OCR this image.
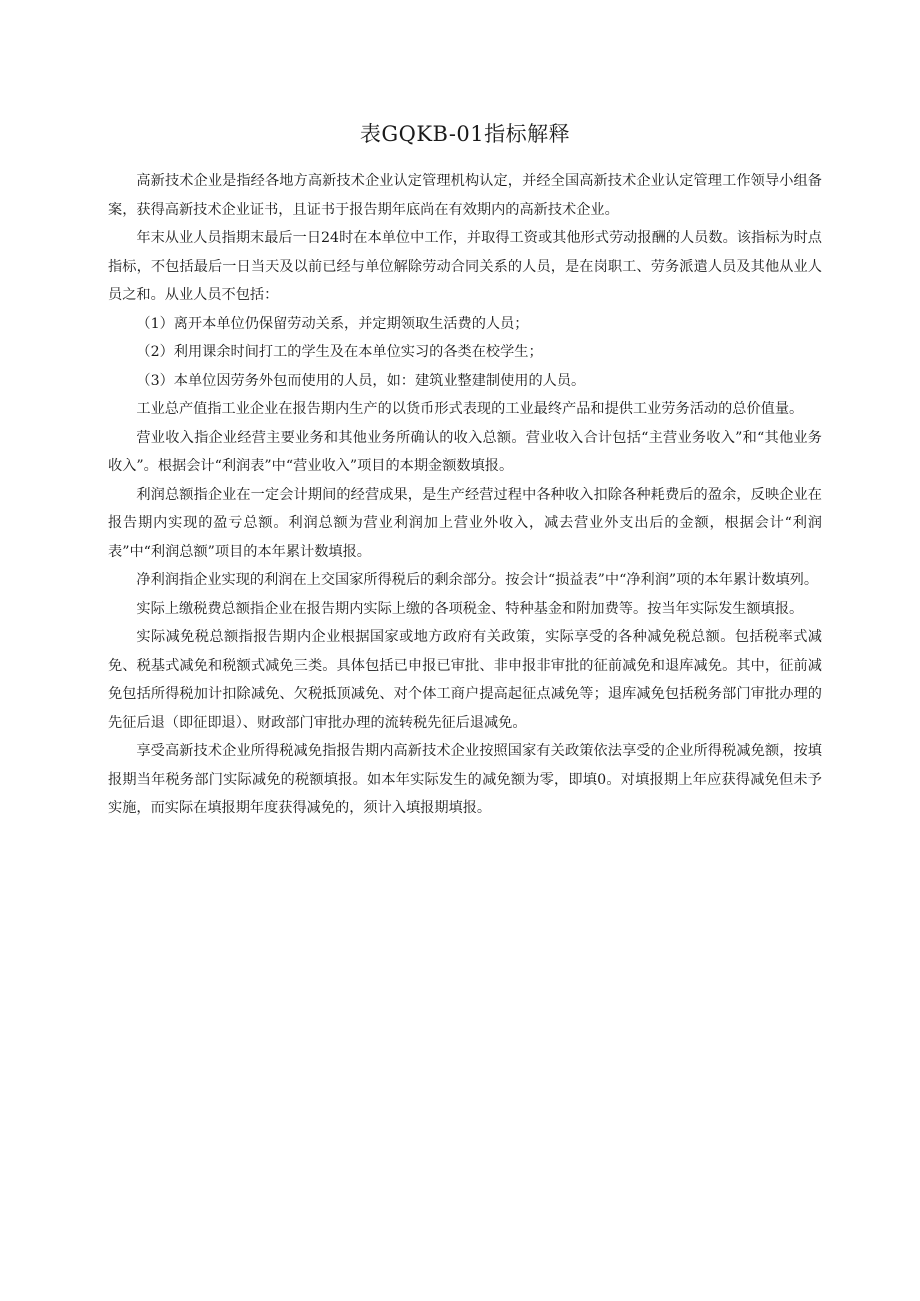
表GQKB-01指标解释

高新技术企业是指经各地方高新技术企业认定管理机构认定，并经全国高新技术企业认定管理工作领导小组备案，获得高新技术企业证书，且证书于报告期年底尚在有效期内的高新技术企业。

年末从业人员指期末最后一日24时在本单位中工作，并取得工资或其他形式劳动报酬的人员数。该指标为时点指标，不包括最后一日当天及以前已经与单位解除劳动合同关系的人员，是在岗职工、劳务派遣人员及其他从业人员之和。从业人员不包括：

（1）离开本单位仍保留劳动关系，并定期领取生活费的人员；

（2）利用课余时间打工的学生及在本单位实习的各类在校学生；

（3）本单位因劳务外包而使用的人员，如：建筑业整建制使用的人员。

工业总产值指工业企业在报告期内生产的以货币形式表现的工业最终产品和提供工业劳务活动的总价值量。

营业收入指企业经营主要业务和其他业务所确认的收入总额。营业收入合计包括“主营业务收入”和“其他业务收入”。根据会计“利润表”中“营业收入”项目的本期金额数填报。

利润总额指企业在一定会计期间的经营成果，是生产经营过程中各种收入扣除各种耗费后的盈余，反映企业在报告期内实现的盈亏总额。利润总额为营业利润加上营业外收入，减去营业外支出后的金额，根据会计“利润表”中“利润总额”项目的本年累计数填报。

净利润指企业实现的利润在上交国家所得税后的剩余部分。按会计“损益表”中“净利润”项的本年累计数填列。

实际上缴税费总额指企业在报告期内实际上缴的各项税金、特种基金和附加费等。按当年实际发生额填报。

实际减免税总额指报告期内企业根据国家或地方政府有关政策，实际享受的各种减免税总额。包括税率式减免、税基式减免和税额式减免三类。具体包括已申报已审批、非申报非审批的征前减免和退库减免。其中，征前减免包括所得税加计扣除减免、欠税抵顶减免、对个体工商户提高起征点减免等；退库减免包括税务部门审批办理的先征后退（即征即退）、财政部门审批办理的流转税先征后退减免。

享受高新技术企业所得税减免指报告期内高新技术企业按照国家有关政策依法享受的企业所得税减免额，按填报期当年税务部门实际减免的税额填报。如本年实际发生的减免额为零，即填0。对填报期上年应获得减免但未予实施，而实际在填报期年度获得减免的，须计入填报期填报。
